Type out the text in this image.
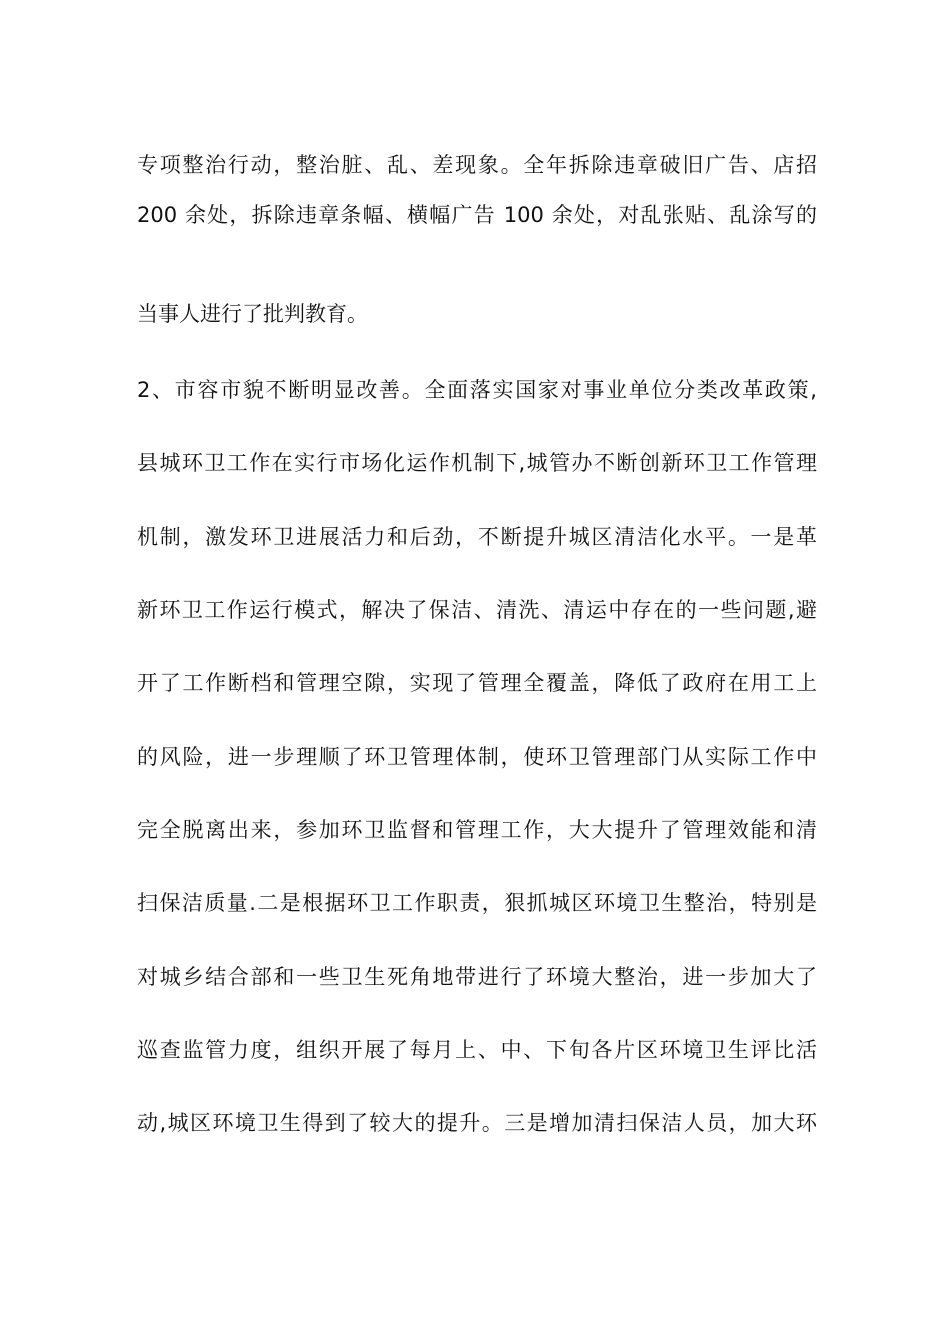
专项整治行动，整治脏、乱、差现象。全年拆除违章破旧广告、店招
200 余处，拆除违章条幅、横幅广告 100 余处，对乱张贴、乱涂写的
当事人进行了批判教育。
2、市容市貌不断明显改善。全面落实国家对事业单位分类改革政策,
县城环卫工作在实行市场化运作机制下,城管办不断创新环卫工作管理
机制，激发环卫进展活力和后劲，不断提升城区清洁化水平。一是革
新环卫工作运行模式，解决了保洁、清洗、清运中存在的一些问题,避
开了工作断档和管理空隙，实现了管理全覆盖，降低了政府在用工上
的风险，进一步理顺了环卫管理体制，使环卫管理部门从实际工作中
完全脱离出来，参加环卫监督和管理工作，大大提升了管理效能和清
扫保洁质量.二是根据环卫工作职责，狠抓城区环境卫生整治，特别是
对城乡结合部和一些卫生死角地带进行了环境大整治，进一步加大了
巡查监管力度，组织开展了每月上、中、下旬各片区环境卫生评比活
动,城区环境卫生得到了较大的提升。三是增加清扫保洁人员，加大环
